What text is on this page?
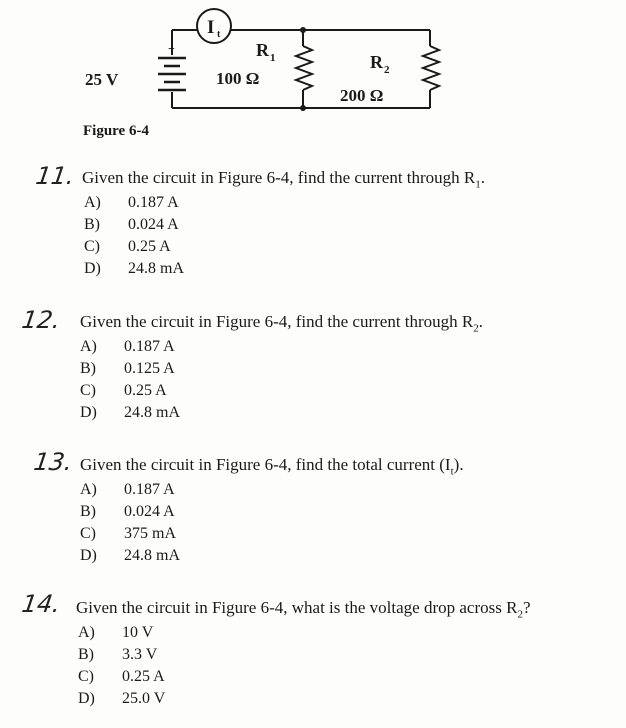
I t
+
25 V
R 1
100 Ω
R 2
200 Ω
Figure 6-4
11. Given the circuit in Figure 6-4, find the current through $R_1$.
A) 0.187 A
B) 0.024 A
C) 0.25 A
D) 24.8 mA
12. Given the circuit in Figure 6-4, find the current through $R_2$.
A) 0.187 A
B) 0.125 A
C) 0.25 A
D) 24.8 mA
13. Given the circuit in Figure 6-4, find the total current $(I_t)$.
A) 0.187 A
B) 0.024 A
C) 375 mA
D) 24.8 mA
14. Given the circuit in Figure 6-4, what is the voltage drop across $R_2$?
A) 10 V
B) 3.3 V
C) 0.25 A
D) 25.0 V
